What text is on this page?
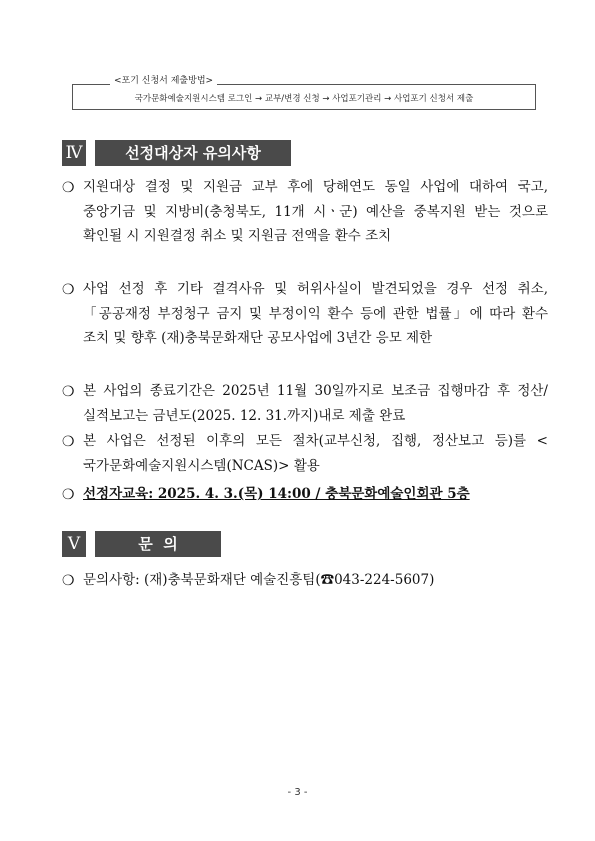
국가문화예술지원시스템 로그인 → 교부/변경 신청 → 사업포기관리 → 사업포기 신청서 제출
<포기 신청서 제출방법>
Ⅳ	선정대상자 유의사항
❍ 지원대상 결정 및 지원금 교부 후에 당해연도 동일 사업에 대하여 국고, 중앙기금 및 지방비(충청북도, 11개 시ㆍ군) 예산을 중복지원 받는 것으로 확인될 시 지원결정 취소 및 지원금 전액을 환수 조치
❍ 사업 선정 후 기타 결격사유 및 허위사실이 발견되었을 경우 선정 취소,「공공재정 부정청구 금지 및 부정이익 환수 등에 관한 법률」에 따라 환수 조치 및 향후 (재)충북문화재단 공모사업에 3년간 응모 제한
❍ 본 사업의 종료기간은 2025년 11월 30일까지로 보조금 집행마감 후 정산/실적보고는 금년도(2025. 12. 31.까지)내로 제출 완료
❍ 본 사업은 선정된 이후의 모든 절차(교부신청, 집행, 정산보고 등)를 <국가문화예술지원시스템(NCAS)> 활용
❍ 선정자교육: 2025. 4. 3.(목) 14:00 / 충북문화예술인회관 5층
Ⅴ	문  의
❍ 문의사항: (재)충북문화재단 예술진흥팀(☎043-224-5607)
- 3 -
